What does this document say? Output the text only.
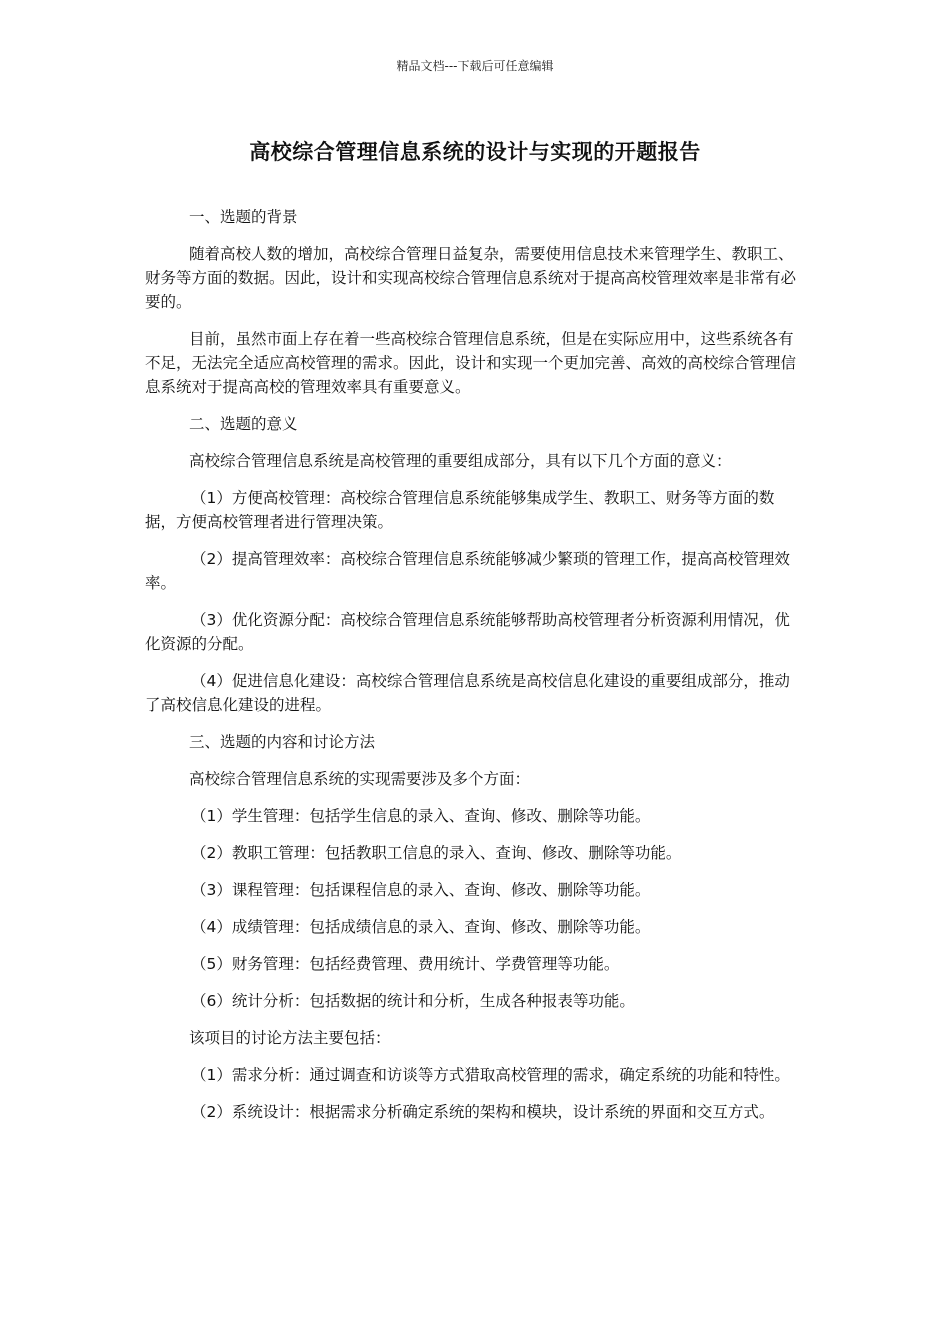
精品文档---下载后可任意编辑
高校综合管理信息系统的设计与实现的开题报告

一、选题的背景

随着高校人数的增加，高校综合管理日益复杂，需要使用信息技术来管理学生、教职工、财务等方面的数据。因此，设计和实现高校综合管理信息系统对于提高高校管理效率是非常有必要的。

目前，虽然市面上存在着一些高校综合管理信息系统，但是在实际应用中，这些系统各有不足，无法完全适应高校管理的需求。因此，设计和实现一个更加完善、高效的高校综合管理信息系统对于提高高校的管理效率具有重要意义。

二、选题的意义

高校综合管理信息系统是高校管理的重要组成部分，具有以下几个方面的意义：

（1）方便高校管理：高校综合管理信息系统能够集成学生、教职工、财务等方面的数据，方便高校管理者进行管理决策。

（2）提高管理效率：高校综合管理信息系统能够减少繁琐的管理工作，提高高校管理效率。

（3）优化资源分配：高校综合管理信息系统能够帮助高校管理者分析资源利用情况，优化资源的分配。

（4）促进信息化建设：高校综合管理信息系统是高校信息化建设的重要组成部分，推动了高校信息化建设的进程。

三、选题的内容和讨论方法

高校综合管理信息系统的实现需要涉及多个方面：

（1）学生管理：包括学生信息的录入、查询、修改、删除等功能。

（2）教职工管理：包括教职工信息的录入、查询、修改、删除等功能。

（3）课程管理：包括课程信息的录入、查询、修改、删除等功能。

（4）成绩管理：包括成绩信息的录入、查询、修改、删除等功能。

（5）财务管理：包括经费管理、费用统计、学费管理等功能。

（6）统计分析：包括数据的统计和分析，生成各种报表等功能。

该项目的讨论方法主要包括：

（1）需求分析：通过调查和访谈等方式猎取高校管理的需求，确定系统的功能和特性。

（2）系统设计：根据需求分析确定系统的架构和模块，设计系统的界面和交互方式。
